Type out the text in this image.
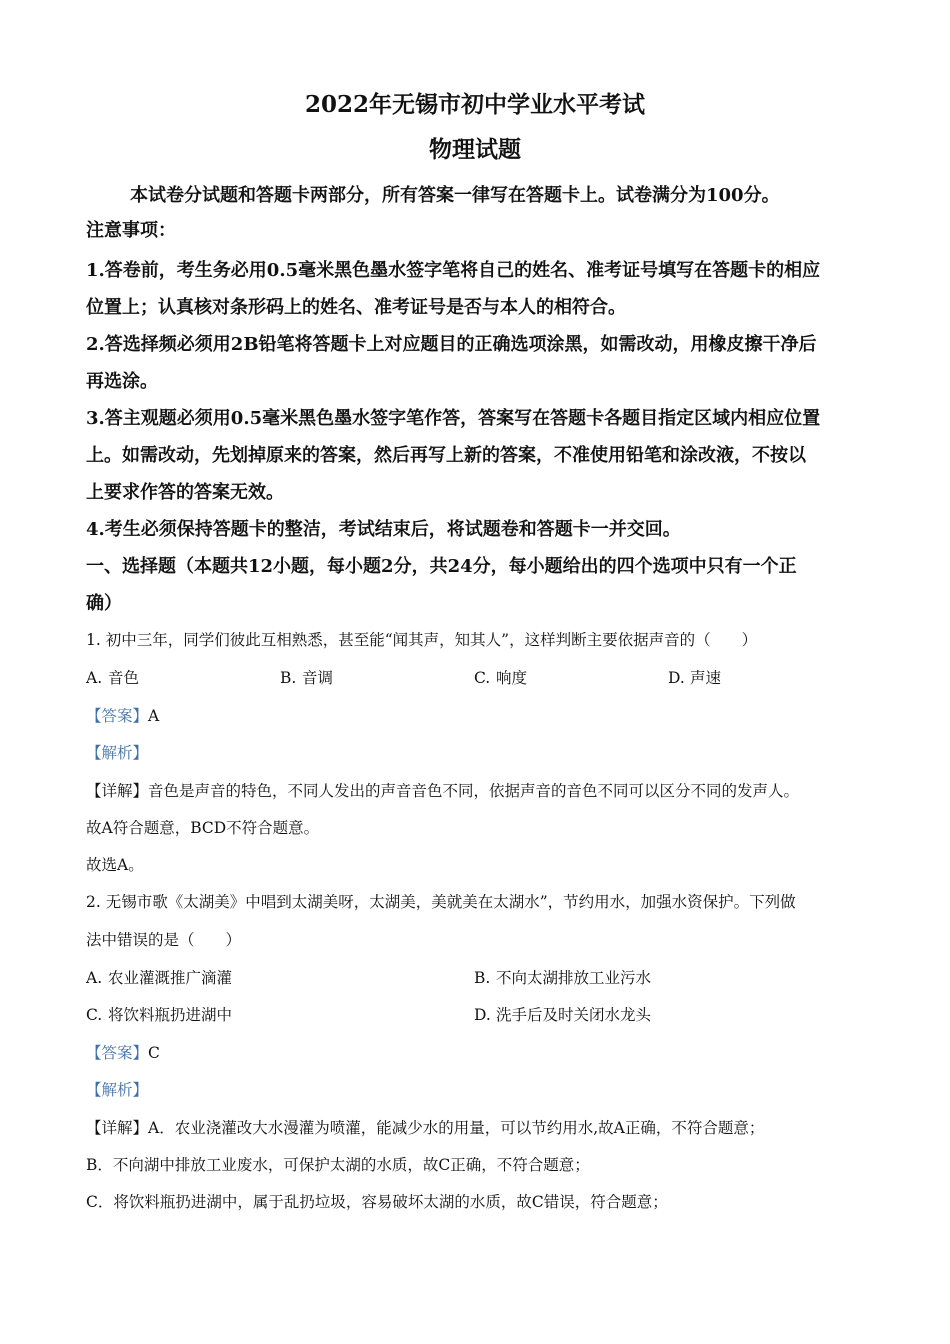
2022年无锡市初中学业水平考试
物理试题
本试卷分试题和答题卡两部分，所有答案一律写在答题卡上。试卷满分为100分。
注意事项：
1.答卷前，考生务必用0.5毫米黑色墨水签字笔将自己的姓名、准考证号填写在答题卡的相应
位置上；认真核对条形码上的姓名、准考证号是否与本人的相符合。
2.答选择频必须用2B铅笔将答题卡上对应题目的正确选项涂黑，如需改动，用橡皮擦干净后
再选涂。
3.答主观题必须用0.5毫米黑色墨水签字笔作答，答案写在答题卡各题目指定区域内相应位置
上。如需改动，先划掉原来的答案，然后再写上新的答案，不准使用铅笔和涂改液，不按以
上要求作答的答案无效。
4.考生必须保持答题卡的整洁，考试结束后，将试题卷和答题卡一并交回。
一、选择题（本题共12小题，每小题2分，共24分，每小题给出的四个选项中只有一个正
确）
1. 初中三年，同学们彼此互相熟悉，甚至能“闻其声，知其人”，这样判断主要依据声音的（　　）
A. 音色	B. 音调	C. 响度	D. 声速
【答案】A
【解析】
【详解】音色是声音的特色，不同人发出的声音音色不同，依据声音的音色不同可以区分不同的发声人。
故A符合题意，BCD不符合题意。
故选A。
2. 无锡市歌《太湖美》中唱到太湖美呀，太湖美，美就美在太湖水”，节约用水，加强水资保护。下列做
法中错误的是（　　）
A. 农业灌溉推广滴灌	B. 不向太湖排放工业污水
C. 将饮料瓶扔进湖中	D. 洗手后及时关闭水龙头
【答案】C
【解析】
【详解】A．农业浇灌改大水漫灌为喷灌，能减少水的用量，可以节约用水,故A正确，不符合题意；
B．不向湖中排放工业废水，可保护太湖的水质，故C正确，不符合题意；
C．将饮料瓶扔进湖中，属于乱扔垃圾，容易破坏太湖的水质，故C错误，符合题意；
